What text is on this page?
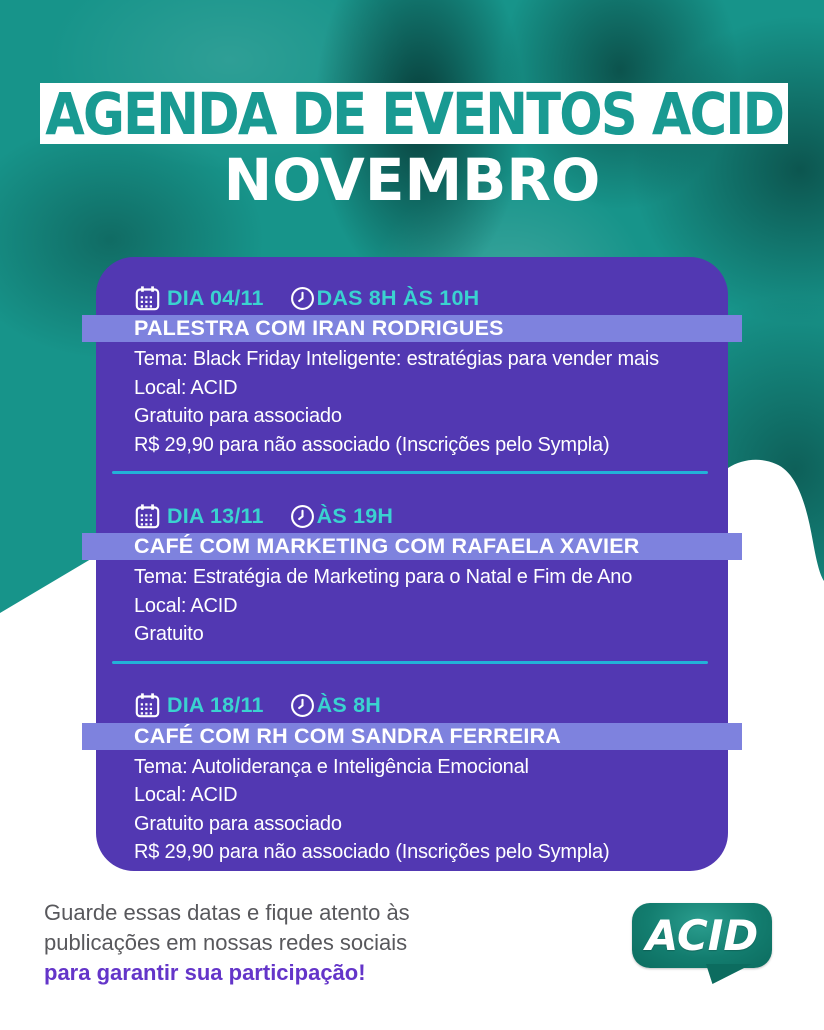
AGENDA DE EVENTOS ACID
NOVEMBRO
DIA 04/11 DAS 8H ÀS 10H
PALESTRA COM IRAN RODRIGUES
Tema: Black Friday Inteligente: estratégias para vender mais
Local: ACID
Gratuito para associado
R$ 29,90 para não associado (Inscrições pelo Sympla)
DIA 13/11 ÀS 19H
CAFÉ COM MARKETING COM RAFAELA XAVIER
Tema: Estratégia de Marketing para o Natal e Fim de Ano
Local: ACID
Gratuito
DIA 18/11 ÀS 8H
CAFÉ COM RH COM SANDRA FERREIRA
Tema: Autoliderança e Inteligência Emocional
Local: ACID
Gratuito para associado
R$ 29,90 para não associado (Inscrições pelo Sympla)
Guarde essas datas e fique atento às
publicações em nossas redes sociais
para garantir sua participação!
ACID
